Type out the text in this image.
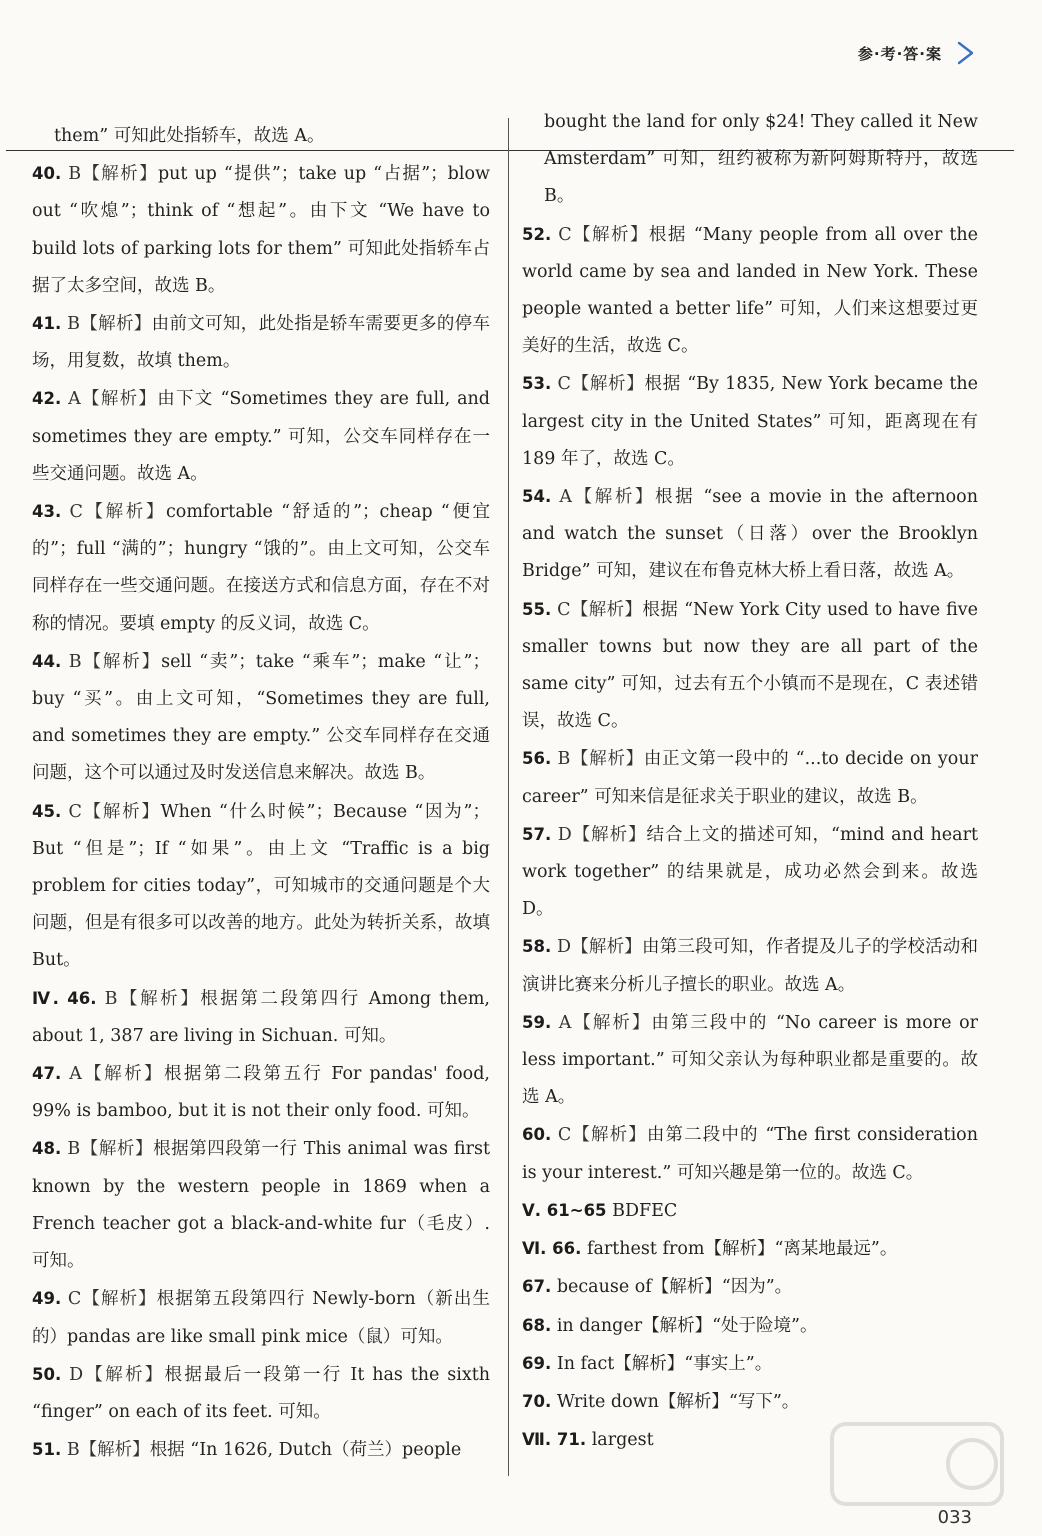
参·考·答·案

them” 可知此处指轿车，故选 A。

40. B【解析】put up “提供”；take up “占据”；blow out “吹熄”；think of “想起”。由下文 “We have to build lots of parking lots for them” 可知此处指轿车占据了太多空间，故选 B。

41. B【解析】由前文可知，此处指是轿车需要更多的停车场，用复数，故填 them。

42. A【解析】由下文 “Sometimes they are full, and sometimes they are empty.” 可知，公交车同样存在一些交通问题。故选 A。

43. C【解析】comfortable “舒适的”；cheap “便宜的”；full “满的”；hungry “饿的”。由上文可知，公交车同样存在一些交通问题。在接送方式和信息方面，存在不对称的情况。要填 empty 的反义词，故选 C。

44. B【解析】sell “卖”；take “乘车”；make “让”；buy “买”。由上文可知，“Sometimes they are full, and sometimes they are empty.” 公交车同样存在交通问题，这个可以通过及时发送信息来解决。故选 B。

45. C【解析】When “什么时候”；Because “因为”；But “但是”；If “如果”。由上文 “Traffic is a big problem for cities today”，可知城市的交通问题是个大问题，但是有很多可以改善的地方。此处为转折关系，故填 But。

Ⅳ. 46. B【解析】根据第二段第四行 Among them, about 1, 387 are living in Sichuan. 可知。

47. A【解析】根据第二段第五行 For pandas' food, 99% is bamboo, but it is not their only food. 可知。

48. B【解析】根据第四段第一行 This animal was first known by the western people in 1869 when a French teacher got a black-and-white fur（毛皮）. 可知。

49. C【解析】根据第五段第四行 Newly-born（新出生的）pandas are like small pink mice（鼠）可知。

50. D【解析】根据最后一段第一行 It has the sixth “finger” on each of its feet. 可知。

51. B【解析】根据 “In 1626, Dutch（荷兰）people

bought the land for only $24! They called it New Amsterdam” 可知，纽约被称为新阿姆斯特丹，故选 B。

52. C【解析】根据 “Many people from all over the world came by sea and landed in New York. These people wanted a better life” 可知，人们来这想要过更美好的生活，故选 C。

53. C【解析】根据 “By 1835, New York became the largest city in the United States” 可知，距离现在有 189 年了，故选 C。

54. A【解析】根据 “see a movie in the afternoon and watch the sunset（日落）over the Brooklyn Bridge” 可知，建议在布鲁克林大桥上看日落，故选 A。

55. C【解析】根据 “New York City used to have five smaller towns but now they are all part of the same city” 可知，过去有五个小镇而不是现在，C 表述错误，故选 C。

56. B【解析】由正文第一段中的 “...to decide on your career” 可知来信是征求关于职业的建议，故选 B。

57. D【解析】结合上文的描述可知，“mind and heart work together” 的结果就是，成功必然会到来。故选 D。

58. D【解析】由第三段可知，作者提及儿子的学校活动和演讲比赛来分析儿子擅长的职业。故选 A。

59. A【解析】由第三段中的 “No career is more or less important.” 可知父亲认为每种职业都是重要的。故选 A。

60. C【解析】由第二段中的 “The first consideration is your interest.” 可知兴趣是第一位的。故选 C。

Ⅴ. 61~65 BDFEC

Ⅵ. 66. farthest from【解析】“离某地最远”。

67. because of【解析】“因为”。

68. in danger【解析】“处于险境”。

69. In fact【解析】“事实上”。

70. Write down【解析】“写下”。

Ⅶ. 71. largest

033
